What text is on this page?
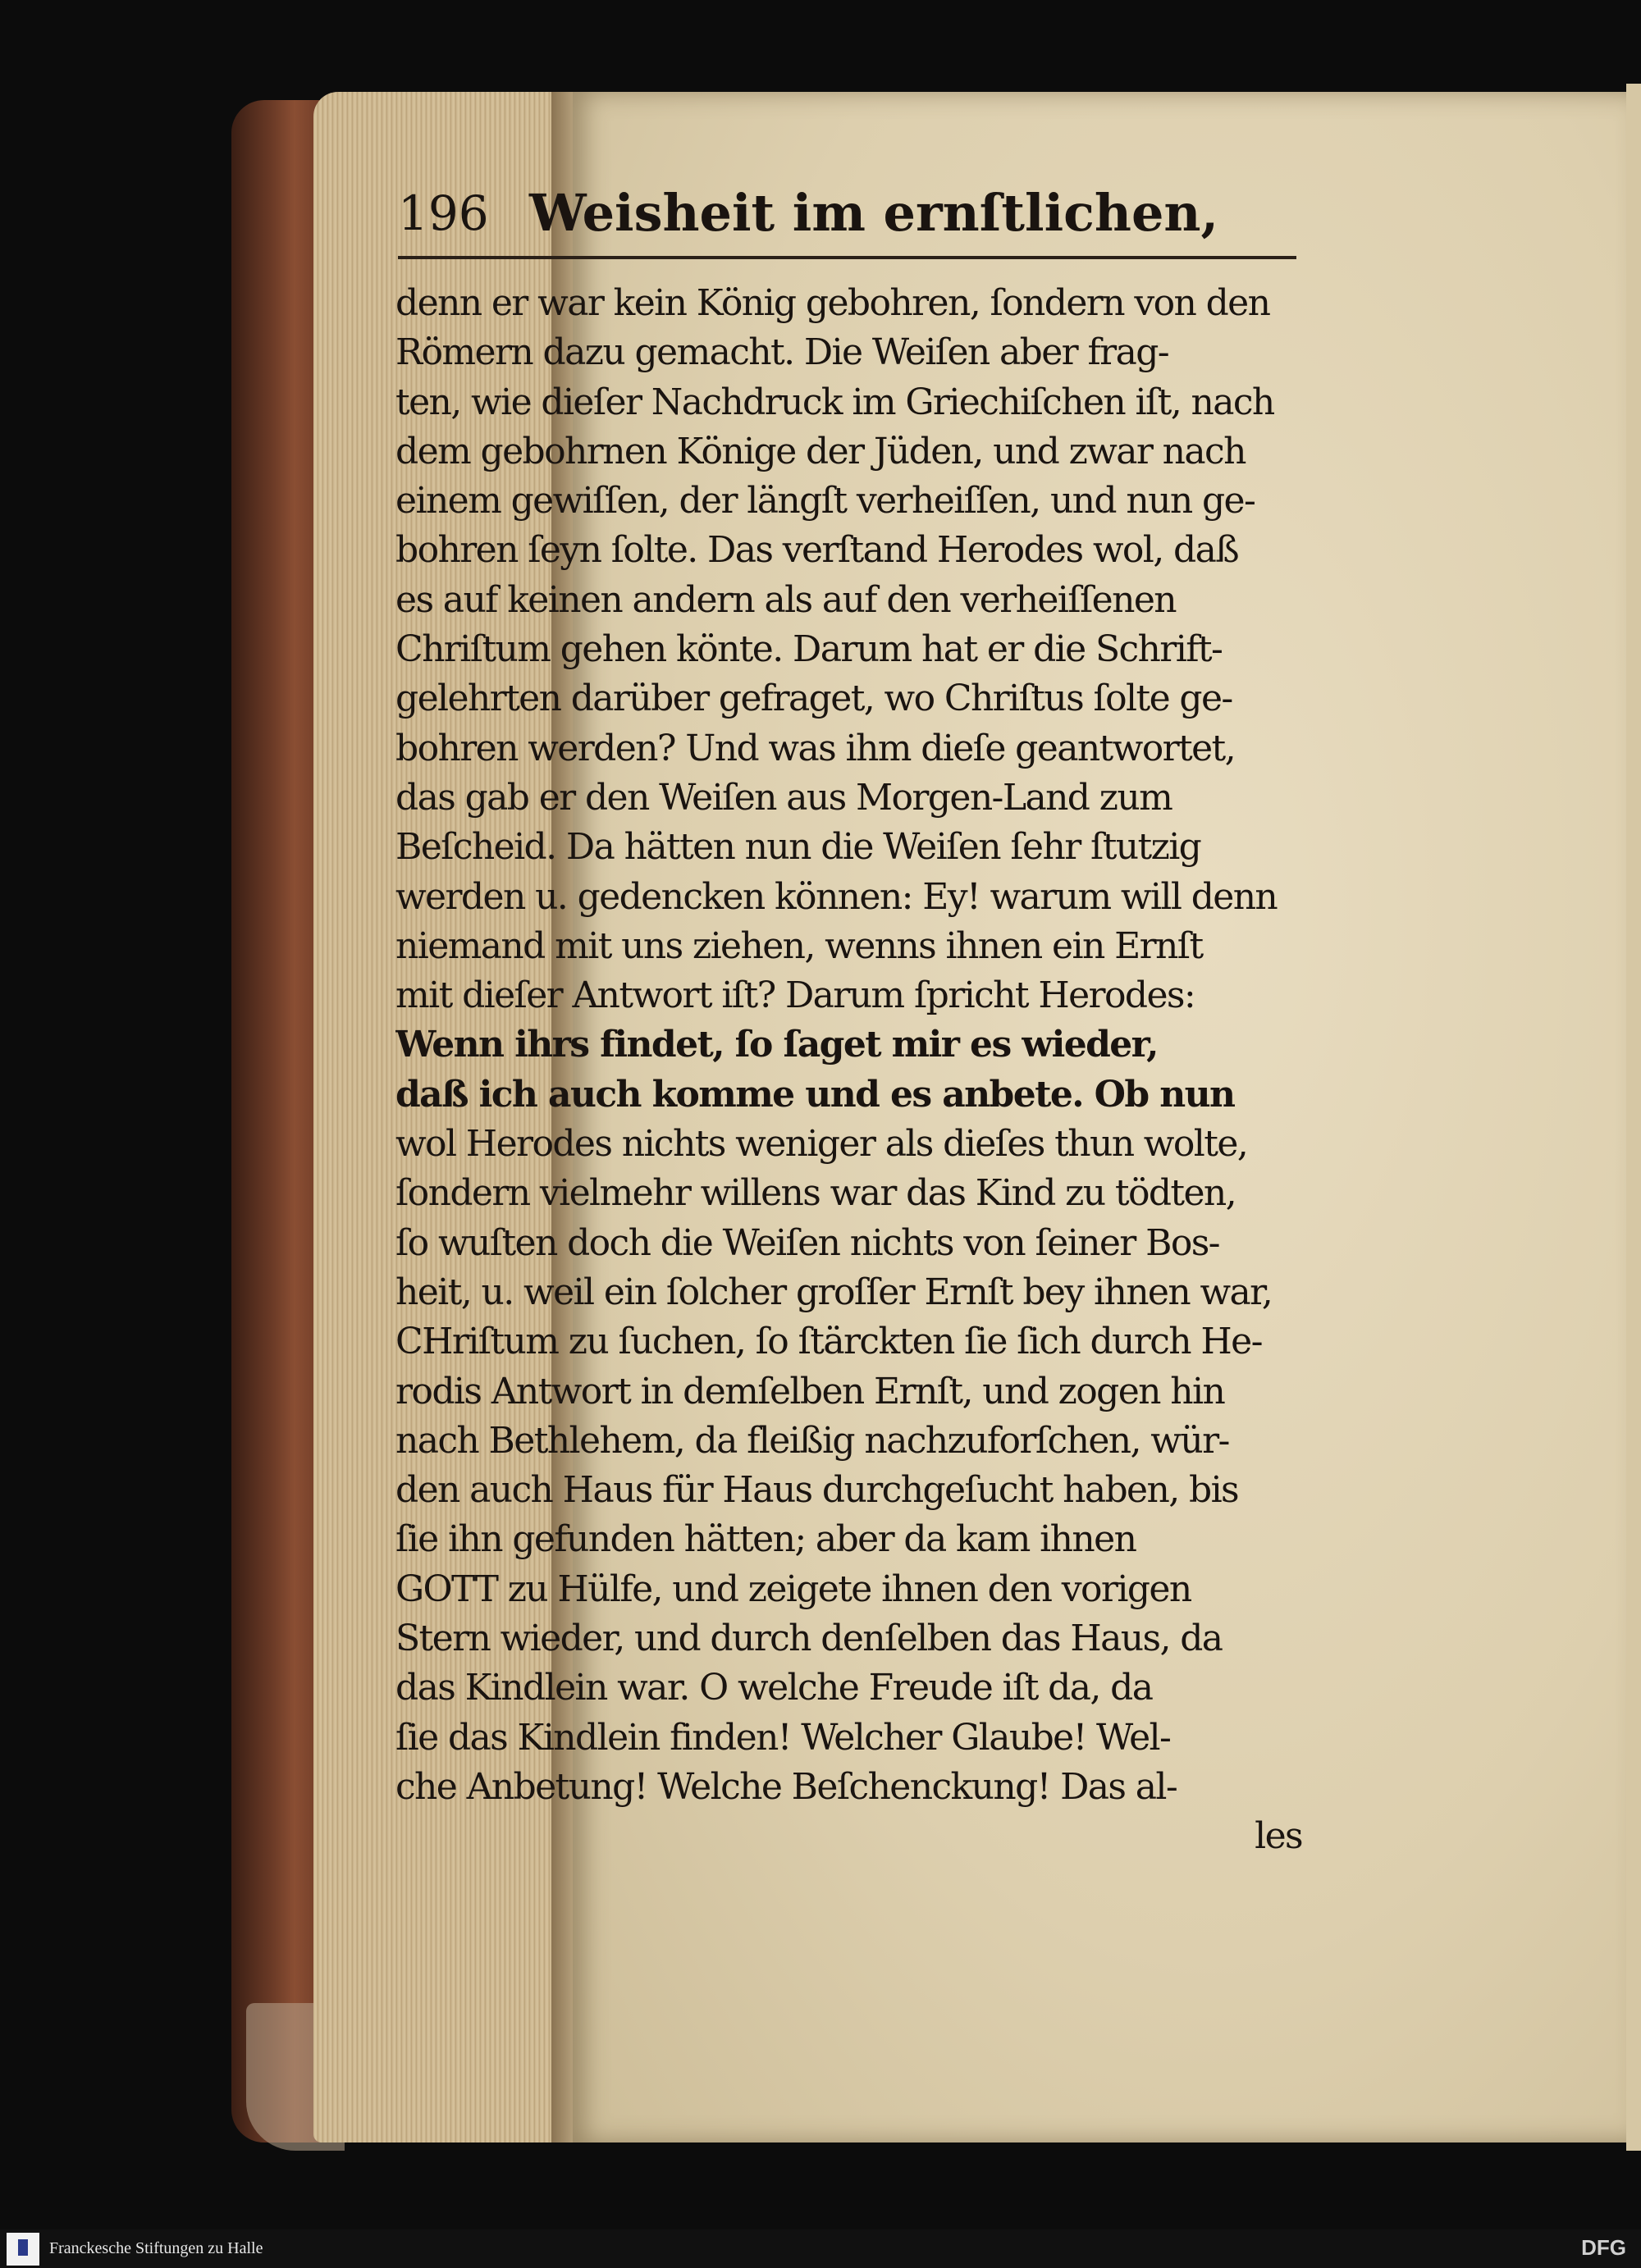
196 Weisheit im ernſtlichen,
denn er war kein König gebohren, ſondern von den
Römern dazu gemacht. Die Weiſen aber frag-
ten, wie dieſer Nachdruck im Griechiſchen iſt, nach
dem gebohrnen Könige der Jüden, und zwar nach
einem gewiſſen, der längſt verheiſſen, und nun ge-
bohren ſeyn ſolte. Das verſtand Herodes wol, daß
es auf keinen andern als auf den verheiſſenen
Chriſtum gehen könte. Darum hat er die Schrift-
gelehrten darüber gefraget, wo Chriſtus ſolte ge-
bohren werden? Und was ihm dieſe geantwortet,
das gab er den Weiſen aus Morgen-Land zum
Beſcheid. Da hätten nun die Weiſen ſehr ſtutzig
werden u. gedencken können: Ey! warum will denn
niemand mit uns ziehen, wenns ihnen ein Ernſt
mit dieſer Antwort iſt? Darum ſpricht Herodes:
Wenn ihrs findet, ſo ſaget mir es wieder,
daß ich auch komme und es anbete. Ob nun
wol Herodes nichts weniger als dieſes thun wolte,
ſondern vielmehr willens war das Kind zu tödten,
ſo wuſten doch die Weiſen nichts von ſeiner Bos-
heit, u. weil ein ſolcher groſſer Ernſt bey ihnen war,
CHriſtum zu ſuchen, ſo ſtärckten ſie ſich durch He-
rodis Antwort in demſelben Ernſt, und zogen hin
nach Bethlehem, da fleißig nachzuforſchen, wür-
den auch Haus für Haus durchgeſucht haben, bis
ſie ihn gefunden hätten; aber da kam ihnen
GOTT zu Hülfe, und zeigete ihnen den vorigen
Stern wieder, und durch denſelben das Haus, da
das Kindlein war. O welche Freude iſt da, da
ſie das Kindlein finden! Welcher Glaube! Wel-
che Anbetung! Welche Beſchenckung! Das al-
les
Franckesche Stiftungen zu Halle	DFG
